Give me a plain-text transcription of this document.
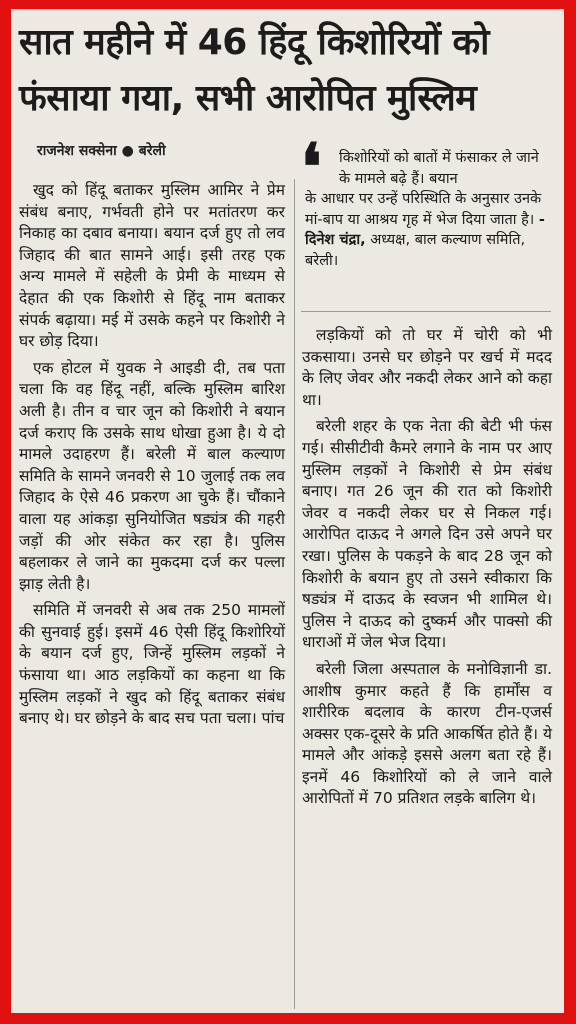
सात महीने में 46 हिंदू किशोरियों को
फंसाया गया, सभी आरोपित मुस्लिम
राजनेश सक्सेना ● बरेली ❛ किशोरियों को बातों में फंसाकर ले जाने के मामले बढ़े हैं। बयान
के आधार पर उन्हें परिस्थिति के अनुसार उनके मां-बाप या आश्रय गृह में भेज दिया जाता है। - दिनेश चंद्रा, अध्यक्ष, बाल कल्याण समिति, बरेली।

खुद को हिंदू बताकर मुस्लिम आमिर ने प्रेम संबंध बनाए, गर्भवती होने पर मतांतरण कर निकाह का दबाव बनाया। बयान दर्ज हुए तो लव जिहाद की बात सामने आई। इसी तरह एक अन्य मामले में सहेली के प्रेमी के माध्यम से देहात की एक किशोरी से हिंदू नाम बताकर संपर्क बढ़ाया। मई में उसके कहने पर किशोरी ने घर छोड़ दिया।

एक होटल में युवक ने आइडी दी, तब पता चला कि वह हिंदू नहीं, बल्कि मुस्लिम बारिश अली है। तीन व चार जून को किशोरी ने बयान दर्ज कराए कि उसके साथ धोखा हुआ है। ये दो मामले उदाहरण हैं। बरेली में बाल कल्याण समिति के सामने जनवरी से 10 जुलाई तक लव जिहाद के ऐसे 46 प्रकरण आ चुके हैं। चौंकाने वाला यह आंकड़ा सुनियोजित षड्यंत्र की गहरी जड़ों की ओर संकेत कर रहा है। पुलिस बहलाकर ले जाने का मुकदमा दर्ज कर पल्ला झाड़ लेती है।

समिति में जनवरी से अब तक 250 मामलों की सुनवाई हुई। इसमें 46 ऐसी हिंदू किशोरियों के बयान दर्ज हुए, जिन्हें मुस्लिम लड़कों ने फंसाया था। आठ लड़कियों का कहना था कि मुस्लिम लड़कों ने खुद को हिंदू बताकर संबंध बनाए थे। घर छोड़ने के बाद सच पता चला। पांच

लड़कियों को तो घर में चोरी को भी उकसाया। उनसे घर छोड़ने पर खर्च में मदद के लिए जेवर और नकदी लेकर आने को कहा था।

बरेली शहर के एक नेता की बेटी भी फंस गई। सीसीटीवी कैमरे लगाने के नाम पर आए मुस्लिम लड़कों ने किशोरी से प्रेम संबंध बनाए। गत 26 जून की रात को किशोरी जेवर व नकदी लेकर घर से निकल गई। आरोपित दाऊद ने अगले दिन उसे अपने घर रखा। पुलिस के पकड़ने के बाद 28 जून को किशोरी के बयान हुए तो उसने स्वीकारा कि षड्यंत्र में दाऊद के स्वजन भी शामिल थे। पुलिस ने दाऊद को दुष्कर्म और पाक्सो की धाराओं में जेल भेज दिया।

बरेली जिला अस्पताल के मनोविज्ञानी डा. आशीष कुमार कहते हैं कि हार्मोंस व शारीरिक बदलाव के कारण टीन-एजर्स अक्सर एक-दूसरे के प्रति आकर्षित होते हैं। ये मामले और आंकड़े इससे अलग बता रहे हैं। इनमें 46 किशोरियों को ले जाने वाले आरोपितों में 70 प्रतिशत लड़के बालिग थे।
